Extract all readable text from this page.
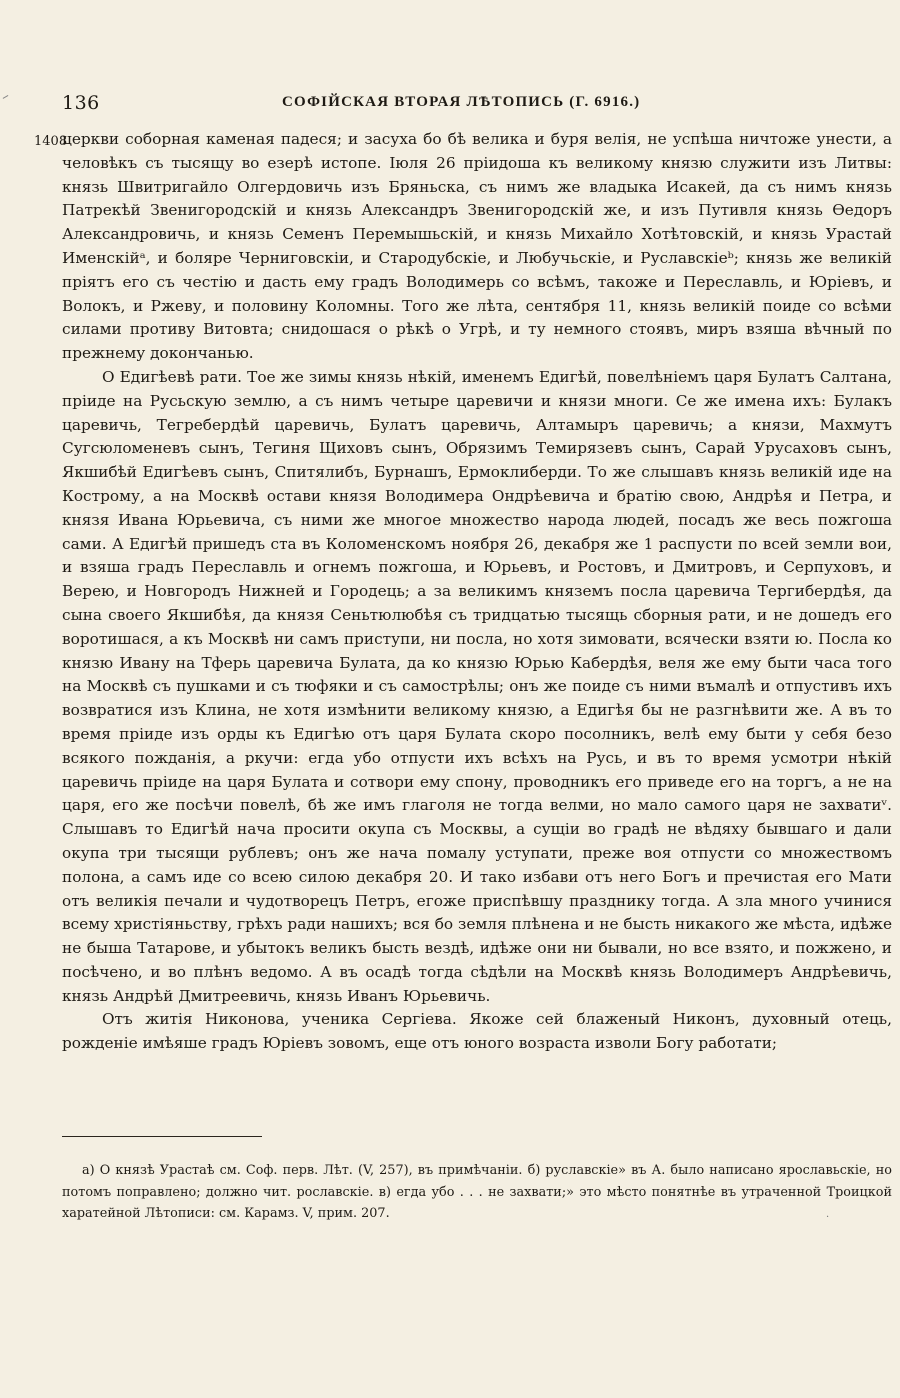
136	СОФІЙСКАЯ ВТОРАЯ ЛѢТОПИСЬ (Г. 6916.)
1408

церкви соборная каменая падеся; и засуха бо бѣ велика и буря велія, не успѣша ничтоже унести, а человѣкъ съ тысящу во езерѣ истопе. Іюля 26 пріидоша къ великому князю служити изъ Литвы: князь Швитригайло Олгердовичь изъ Бряньска, съ нимъ же владыка Исакей, да съ нимъ князь Патрекѣй Звенигородскій и князь Александръ Звенигородскій же, и изъ Путивля князь Ѳедоръ Александровичь, и князь Семенъ Перемышьскій, и князь Михайло Хотѣтовскій, и князь Урастай Именскійᵃ, и боляре Черниговскіи, и Стародубскіе, и Любучьскіе, и Руславскіеᵇ; князь же великій пріятъ его съ честію и дасть ему градъ Володимерь со всѣмъ, такоже и Переславль, и Юріевъ, и Волокъ, и Ржеву, и половину Коломны. Того же лѣта, сентября 11, князь великій поиде со всѣми силами противу Витовта; снидошася о рѣкѣ о Угрѣ, и ту немного стоявъ, миръ взяша вѣчный по прежнему докончанью.

О Едигѣевѣ рати. Тое же зимы князь нѣкій, именемъ Едигѣй, повелѣніемъ царя Булатъ Салтана, пріиде на Русьскую землю, а съ нимъ четыре царевичи и князи многи. Се же имена ихъ: Булакъ царевичь, Тегребердѣй царевичь, Булатъ царевичь, Алтамыръ царевичь; а князи, Махмутъ Сугсюломеневъ сынъ, Тегиня Щиховъ сынъ, Обрязимъ Темирязевъ сынъ, Сарай Урусаховъ сынъ, Якшибѣй Едигѣевъ сынъ, Спитялибъ, Бурнашъ, Ермоклиберди. То же слышавъ князь великій иде на Кострому, а на Москвѣ остави князя Володимера Ондрѣевича и братію свою, Андрѣя и Петра, и князя Ивана Юрьевича, съ ними же многое множество народа людей, посадъ же весь пожгоша сами. А Едигѣй пришедъ ста въ Коломенскомъ ноября 26, декабря же 1 распусти по всей земли вои, и взяша градъ Переславль и огнемъ пожгоша, и Юрьевъ, и Ростовъ, и Дмитровъ, и Серпуховъ, и Верею, и Новгородъ Нижней и Городець; а за великимъ княземъ посла царевича Тергибердѣя, да сына своего Якшибѣя, да князя Сеньтюлюбѣя съ тридцатью тысящь сборныя рати, и не дошедъ его воротишася, а къ Москвѣ ни самъ приступи, ни посла, но хотя зимовати, всячески взяти ю. Посла ко князю Ивану на Тферь царевича Булата, да ко князю Юрью Кабердѣя, веля же ему быти часа того на Москвѣ съ пушками и съ тюфяки и съ самострѣлы; онъ же поиде съ ними въмалѣ и отпустивъ ихъ возвратися изъ Клина, не хотя измѣнити великому князю, а Едигѣя бы не разгнѣвити же. А въ то время пріиде изъ орды къ Едигѣю отъ царя Булата скоро посолникъ, велѣ ему быти у себя безо всякого пожданія, а ркучи: егда убо отпусти ихъ всѣхъ на Русь, и въ то время усмотри нѣкій царевичь пріиде на царя Булата и сотвори ему спону, проводникъ его приведе его на торгъ, а не на царя, его же посѣчи повелѣ, бѣ же имъ глаголя не тогда велми, но мало самого царя не захватиᵛ. Слышавъ то Едигѣй нача просити окупа съ Москвы, а сущіи во градѣ не вѣдяху бывшаго и дали окупа три тысящи рублевъ; онъ же нача помалу уступати, преже воя отпусти со множествомъ полона, а самъ иде со всею силою декабря 20. И тако избави отъ него Богъ и пречистая его Мати отъ великія печали и чудотворецъ Петръ, егоже приспѣвшу празднику тогда. А зла много учинися всему христіяньству, грѣхъ ради нашихъ; вся бо земля плѣнена и не бысть никакого же мѣста, идѣже не быша Татарове, и убытокъ великъ бысть вездѣ, идѣже они ни бывали, но все взято, и пожжено, и посѣчено, и во плѣнъ ведомо. А въ осадѣ тогда сѣдѣли на Москвѣ князь Володимеръ Андрѣевичь, князь Андрѣй Дмитреевичь, князь Иванъ Юрьевичь.

Отъ житія Никонова, ученика Сергіева. Якоже сей блаженый Никонъ, духовный отець, рожденіе имѣяше градъ Юріевъ зовомъ, еще отъ юного возраста изволи Богу работати;

а) О князѣ Урастаѣ см. Соф. перв. Лѣт. (V, 257), въ примѣчаніи. б) руславскіе» въ А. было написано ярославьскіе, но потомъ поправлено; должно чит. рославскіе. в) егда убо . . . не захвати;» это мѣсто понятнѣе въ утраченной Троицкой харатейной Лѣтописи: см. Карамз. V, прим. 207.	·
